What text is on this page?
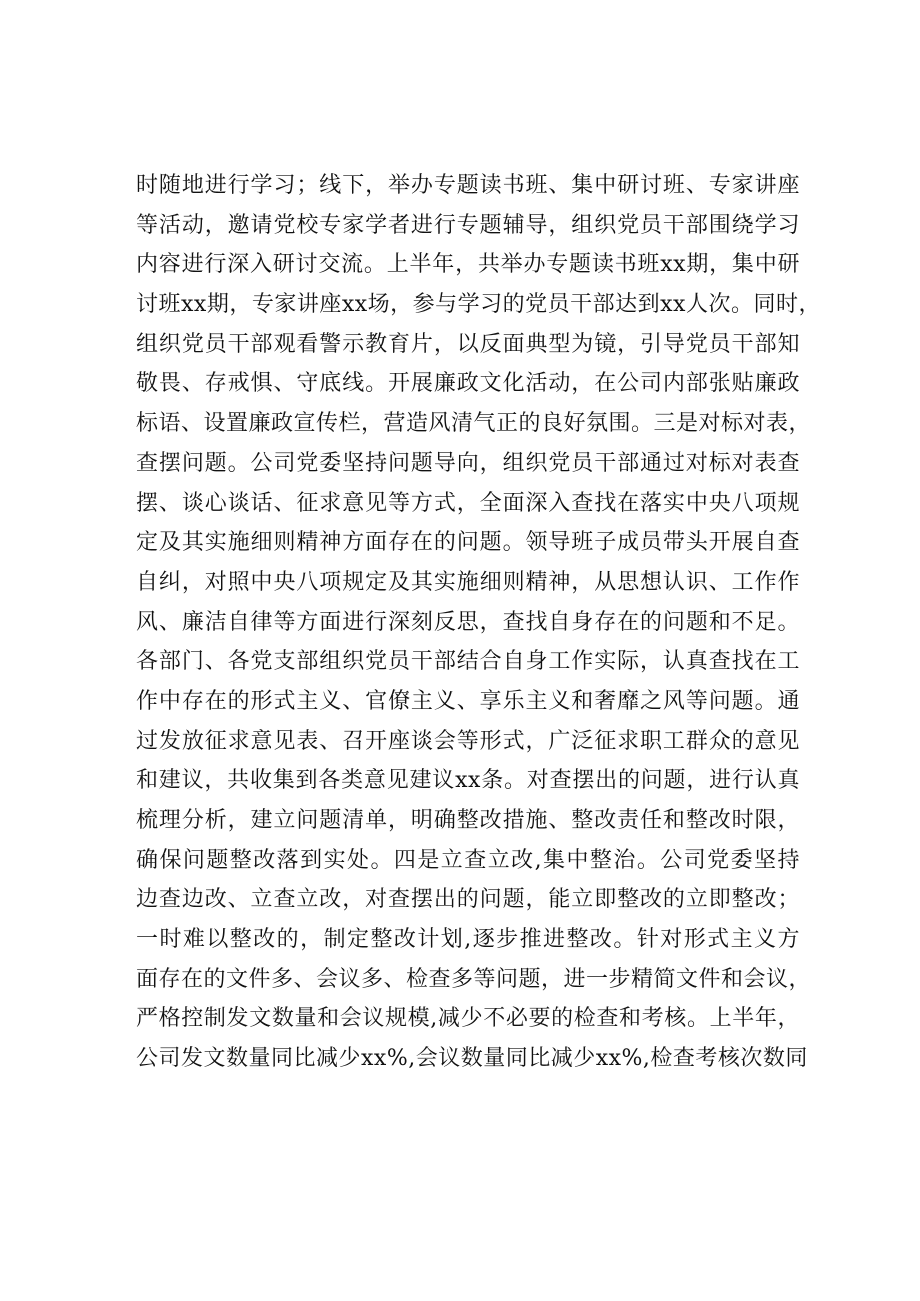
时随地进行学习；线下，举办专题读书班、集中研讨班、专家讲座
等活动，邀请党校专家学者进行专题辅导，组织党员干部围绕学习
内容进行深入研讨交流。上半年，共举办专题读书班xx期，集中研
讨班xx期，专家讲座xx场，参与学习的党员干部达到xx人次。同时，
组织党员干部观看警示教育片，以反面典型为镜，引导党员干部知
敬畏、存戒惧、守底线。开展廉政文化活动，在公司内部张贴廉政
标语、设置廉政宣传栏，营造风清气正的良好氛围。三是对标对表，
查摆问题。公司党委坚持问题导向，组织党员干部通过对标对表查
摆、谈心谈话、征求意见等方式，全面深入查找在落实中央八项规
定及其实施细则精神方面存在的问题。领导班子成员带头开展自查
自纠，对照中央八项规定及其实施细则精神，从思想认识、工作作
风、廉洁自律等方面进行深刻反思，查找自身存在的问题和不足。
各部门、各党支部组织党员干部结合自身工作实际，认真查找在工
作中存在的形式主义、官僚主义、享乐主义和奢靡之风等问题。通
过发放征求意见表、召开座谈会等形式，广泛征求职工群众的意见
和建议，共收集到各类意见建议xx条。对查摆出的问题，进行认真
梳理分析，建立问题清单，明确整改措施、整改责任和整改时限，
确保问题整改落到实处。四是立查立改,集中整治。公司党委坚持
边查边改、立查立改，对查摆出的问题，能立即整改的立即整改；
一时难以整改的，制定整改计划,逐步推进整改。针对形式主义方
面存在的文件多、会议多、检查多等问题，进一步精简文件和会议，
严格控制发文数量和会议规模,减少不必要的检查和考核。上半年，
公司发文数量同比减少xx%,会议数量同比减少xx%,检查考核次数同
